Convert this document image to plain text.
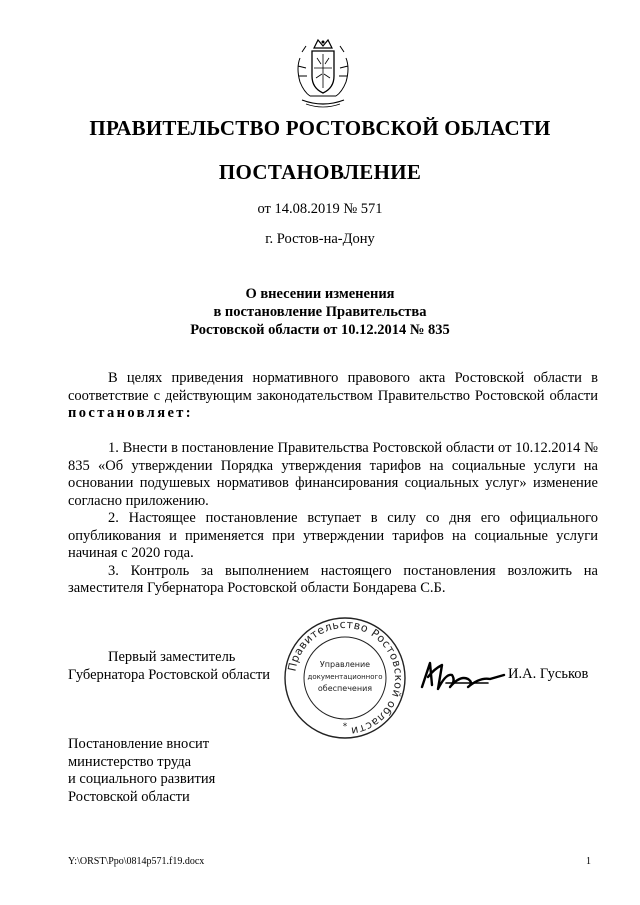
ПРАВИТЕЛЬСТВО РОСТОВСКОЙ ОБЛАСТИ
ПОСТАНОВЛЕНИЕ
от 14.08.2019 № 571
г. Ростов-на-Дону
О внесении изменения
в постановление Правительства
Ростовской области от 10.12.2014 № 835

В целях приведения нормативного правового акта Ростовской области в соответствие с действующим законодательством Правительство Ростовской области постановляет:

1. Внести в постановление Правительства Ростовской области от 10.12.2014 № 835 «Об утверждении Порядка утверждения тарифов на социальные услуги на основании подушевых нормативов финансирования социальных услуг» изменение согласно приложению.

2. Настоящее постановление вступает в силу со дня его официального опубликования и применяется при утверждении тарифов на социальные услуги начиная с 2020 года.

3. Контроль за выполнением настоящего постановления возложить на заместителя Губернатора Ростовской области Бондарева С.Б.

Первый заместитель
Губернатора Ростовской области
Правительство Ростовской области
Управление
документационного
обеспечения
*
И.А. Гуськов
Постановление вносит
министерство труда
и социального развития
Ростовской области
Y:\ORST\Ppo\0814p571.f19.docx	1
